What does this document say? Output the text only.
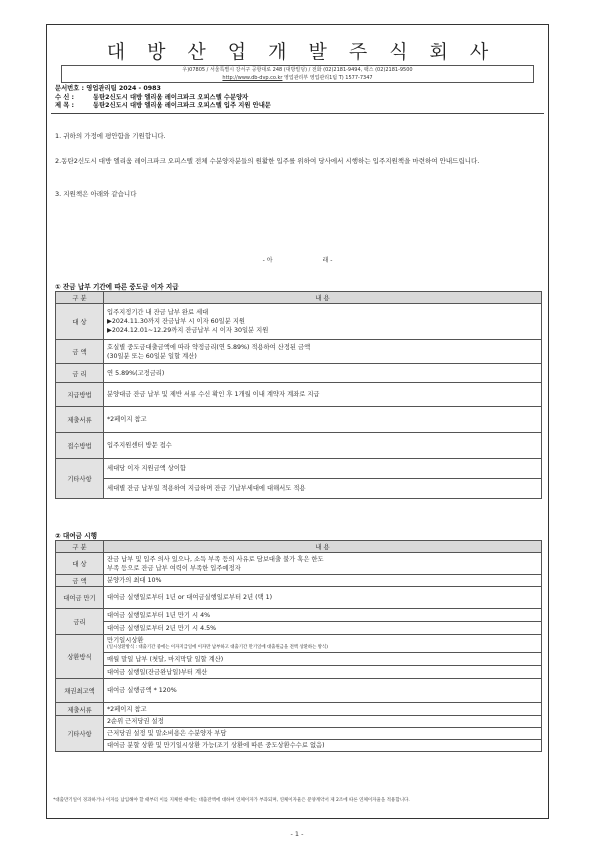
대방산업개발주식회사
우)07805 / 서울특별시 강서구 공항대로 248 (대방빌딩) / 전화 (02)2181-9494, 팩스 (02)2181-9500
http://www.db-dvp.co.kr 영업관리부 영업관리1팀 T) 1577-7347
문서번호 : 영업관리팀 2024 - 0983
수 신 :	동탄2신도시 대방 엘리움 레이크파크 오피스텔 수분양자
제 목 :	동탄2신도시 대방 엘리움 레이크파크 오피스텔 입주 지원 안내문
1. 귀하의 가정에 평안함을 기원합니다.
2.동탄2신도시 대방 엘리움 레이크파크 오피스텔 전체 수분양자분들의 원활한 입주를 위하여 당사에서 시행하는 입주지원책을 마련하여 안내드립니다.
3. 지원책은 아래와 같습니다
- 아	래 -
① 잔금 납부 기간에 따른 중도금 이자 지급
구 분	내 용
대 상	입주지정기간 내 잔금 납부 완료 세대
▶2024.11.30까지 잔금납부 시 이자 60일분 지원
▶2024.12.01~12.29까지 잔금납부 시 이자 30일분 지원

금 액	호실별 중도금대출금액에 따라 약정금리(연 5.89%) 적용하여 산정된 금액
(30일분 또는 60일분 일할 계산)

금 리	연 5.89%(고정금리)
지급방법	분양대금 잔금 납부 및 제반 서류 수신 확인 후 1개월 이내 계약자 계좌로 지급
제출서류	*2페이지 참고
접수방법	입주지원센터 방문 접수
기타사항	세대당 이자 지원금액 상이함
	세대별 잔금 납부일 적용하여 지급하며 잔금 기납부세대에 대해서도 적용
② 대여금 시행
구 분	내 용
대 상	잔금 납부 및 입주 의사 있으나, 소득 부족 등의 사유로 담보대출 불가 혹은 한도
부족 등으로 잔금 납부 여력이 부족한 입주예정자

금 액	분양가의 최대 10%
대여금 만기	대여금 실행일로부터 1년 or 대여금실행일로부터 2년 (택 1)
금리	대여금 실행일로부터 1년 만기 시 4%
	대여금 실행일로부터 2년 만기 시 4.5%
상환방식	만기일시상환
(일시상환방식 : 대출기간 중에는 이자지급일에 이자만 납부하고 대출기간 만기일에 대출원금을 전액 상환하는 방식)

	매월 말일 납부 (첫달, 마지막달 일할 계산)
	대여금 실행일(잔금완납일)부터 계산
채권최고액	대여금 실행금액 * 120%
제출서류	*2페이지 참고
기타사항	2순위 근저당권 설정
	근저당권 설정 및 말소비용은 수분양자 부담
	대여금 분할 상환 및 만기일시상환 가능(조기 상환에 따른 중도상환수수료 없음)
*대출만기일이 경과하거나 이자를 납입해야 할 때부터 이를 지체한 때에는 대출잔액에 대하여 연체이자가 부과되며, 연체이자율은 분양계약서 제 2조에 따른 연체이자율을 적용합니다.
- 1 -
